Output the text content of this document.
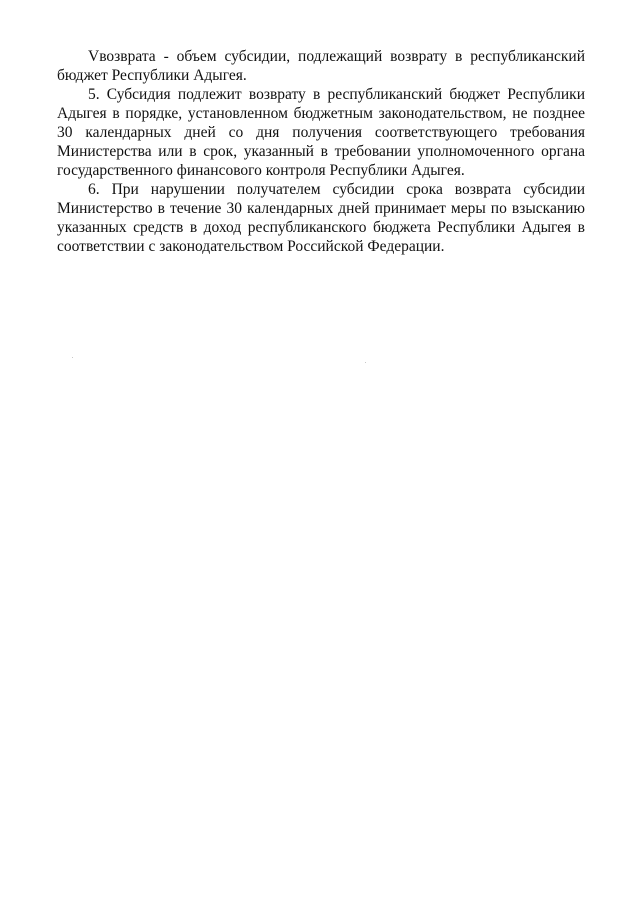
Vвозврата - объем субсидии, подлежащий возврату в республиканский бюджет Республики Адыгея.

5. Субсидия подлежит возврату в республиканский бюджет Республики Адыгея в порядке, установленном бюджетным законодательством, не позднее 30 календарных дней со дня получения соответствующего требования Министерства или в срок, указанный в требовании уполномоченного органа государственного финансового контроля Республики Адыгея.

6. При нарушении получателем субсидии срока возврата субсидии Министерство в течение 30 календарных дней принимает меры по взысканию указанных средств в доход республиканского бюджета Республики Адыгея в соответствии с законодательством Российской Федерации.
